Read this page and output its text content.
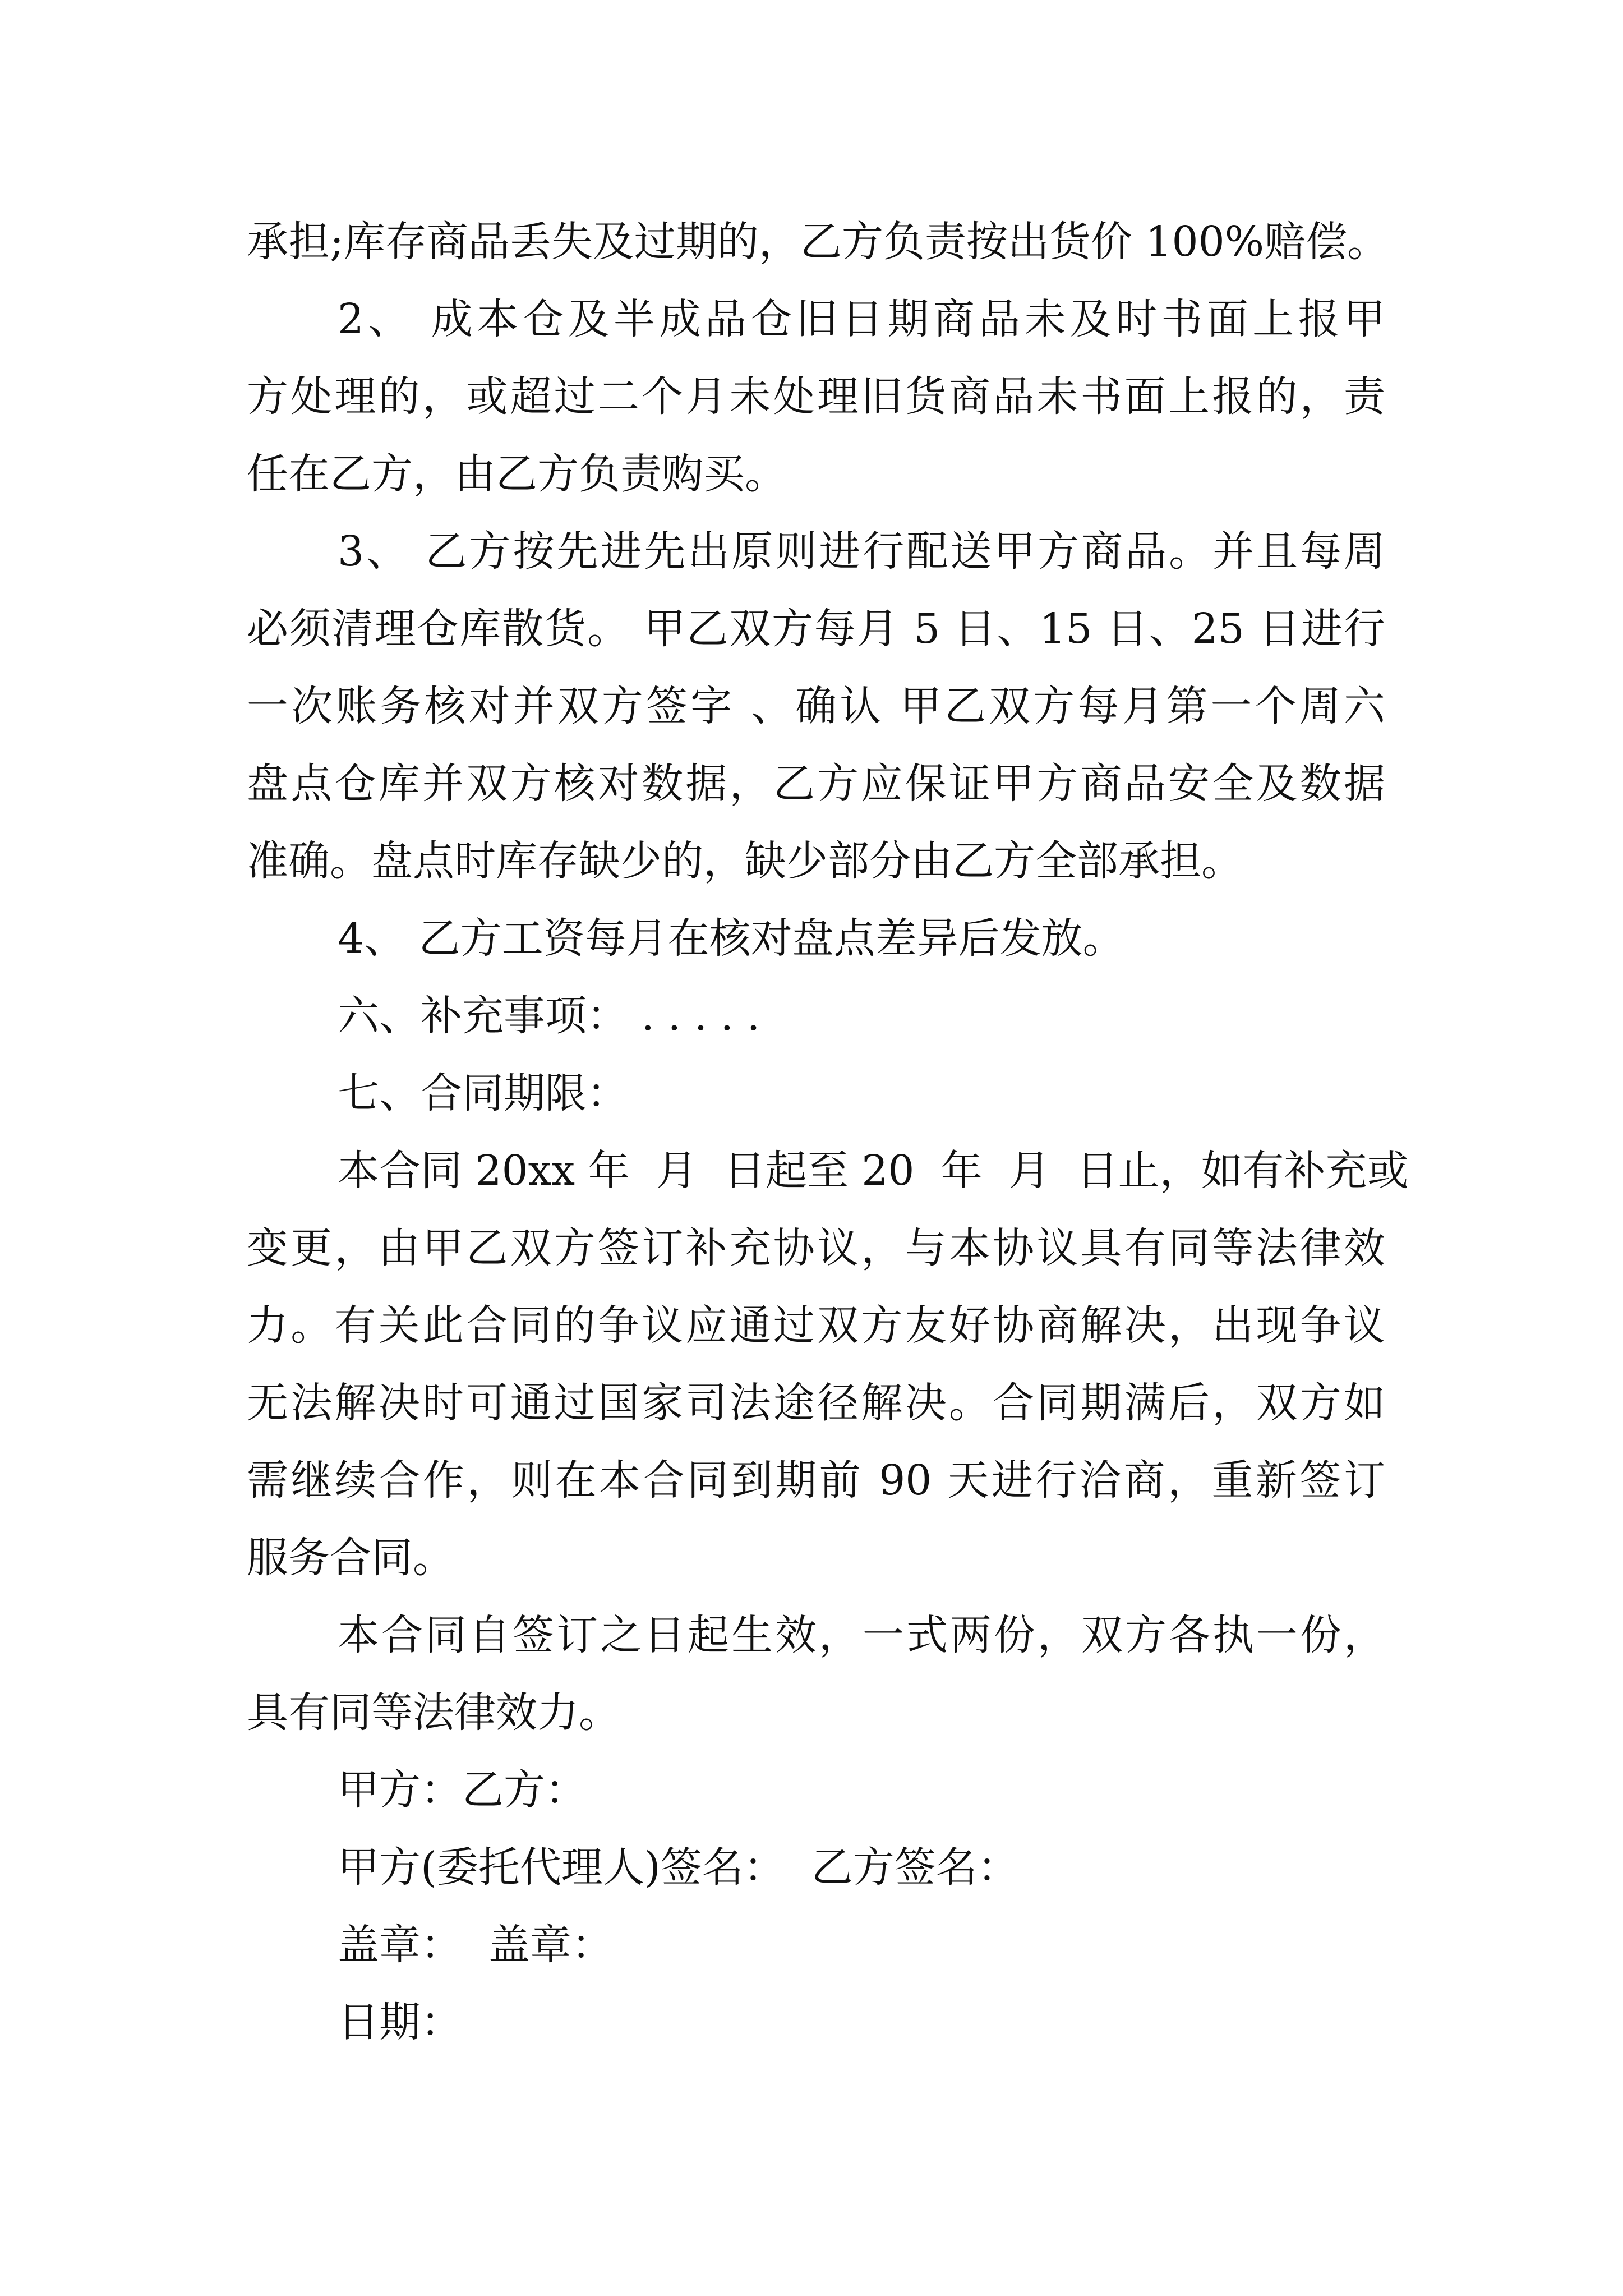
承担;库存商品丢失及过期的，乙方负责按出货价 100%赔偿。
2、 成本仓及半成品仓旧日期商品未及时书面上报甲
方处理的，或超过二个月未处理旧货商品未书面上报的，责
任在乙方，由乙方负责购买。
3、 乙方按先进先出原则进行配送甲方商品。并且每周
必须清理仓库散货。 甲乙双方每月 5 日、15 日、25 日进行
一次账务核对并双方签字 、确认 甲乙双方每月第一个周六
盘点仓库并双方核对数据，乙方应保证甲方商品安全及数据
准确。盘点时库存缺少的，缺少部分由乙方全部承担。
4、 乙方工资每月在核对盘点差异后发放。
六、补充事项： . . . . .
七、合同期限：
本合同 20xx 年  月  日起至 20  年  月  日止，如有补充或
变更，由甲乙双方签订补充协议，与本协议具有同等法律效
力。有关此合同的争议应通过双方友好协商解决，出现争议
无法解决时可通过国家司法途径解决。合同期满后，双方如
需继续合作，则在本合同到期前 90 天进行洽商，重新签订
服务合同。
本合同自签订之日起生效，一式两份，双方各执一份，
具有同等法律效力。
甲方：乙方：
甲方(委托代理人)签名：  乙方签名：
盖章：  盖章：
日期：
